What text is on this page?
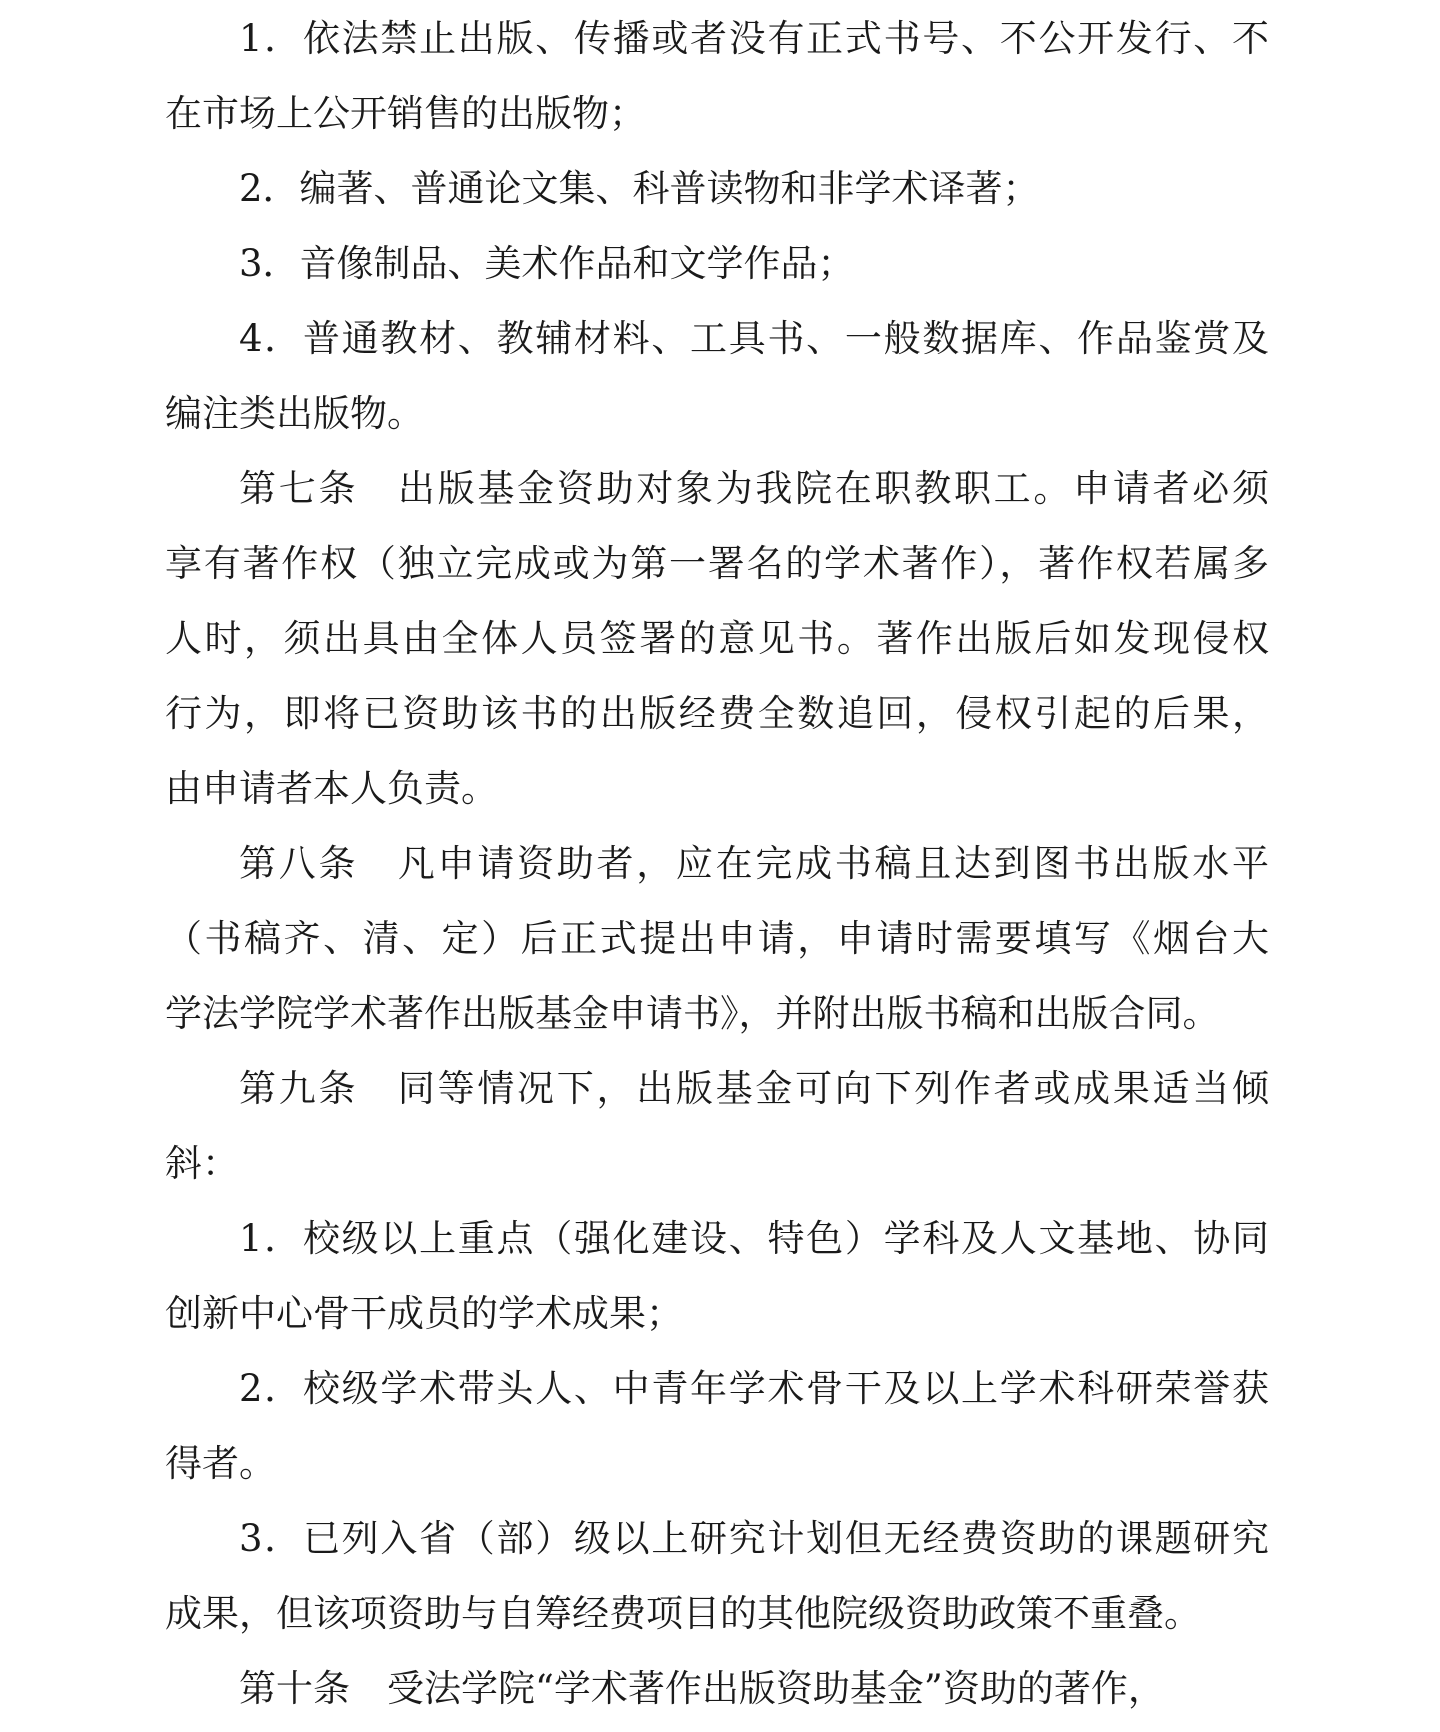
1．依法禁止出版、传播或者没有正式书号、不公开发行、不
在市场上公开销售的出版物；

2．编著、普通论文集、科普读物和非学术译著；

3．音像制品、美术作品和文学作品；

4．普通教材、教辅材料、工具书、一般数据库、作品鉴赏及
编注类出版物。

第七条　出版基金资助对象为我院在职教职工。申请者必须
享有著作权（独立完成或为第一署名的学术著作），著作权若属多
人时，须出具由全体人员签署的意见书。著作出版后如发现侵权
行为，即将已资助该书的出版经费全数追回，侵权引起的后果，
由申请者本人负责。

第八条　凡申请资助者，应在完成书稿且达到图书出版水平
（书稿齐、清、定）后正式提出申请，申请时需要填写《烟台大
学法学院学术著作出版基金申请书》，并附出版书稿和出版合同。

第九条　同等情况下，出版基金可向下列作者或成果适当倾
斜：

1．校级以上重点（强化建设、特色）学科及人文基地、协同
创新中心骨干成员的学术成果；

2．校级学术带头人、中青年学术骨干及以上学术科研荣誉获
得者。

3．已列入省（部）级以上研究计划但无经费资助的课题研究
成果，但该项资助与自筹经费项目的其他院级资助政策不重叠。

第十条　受法学院“学术著作出版资助基金”资助的著作，
